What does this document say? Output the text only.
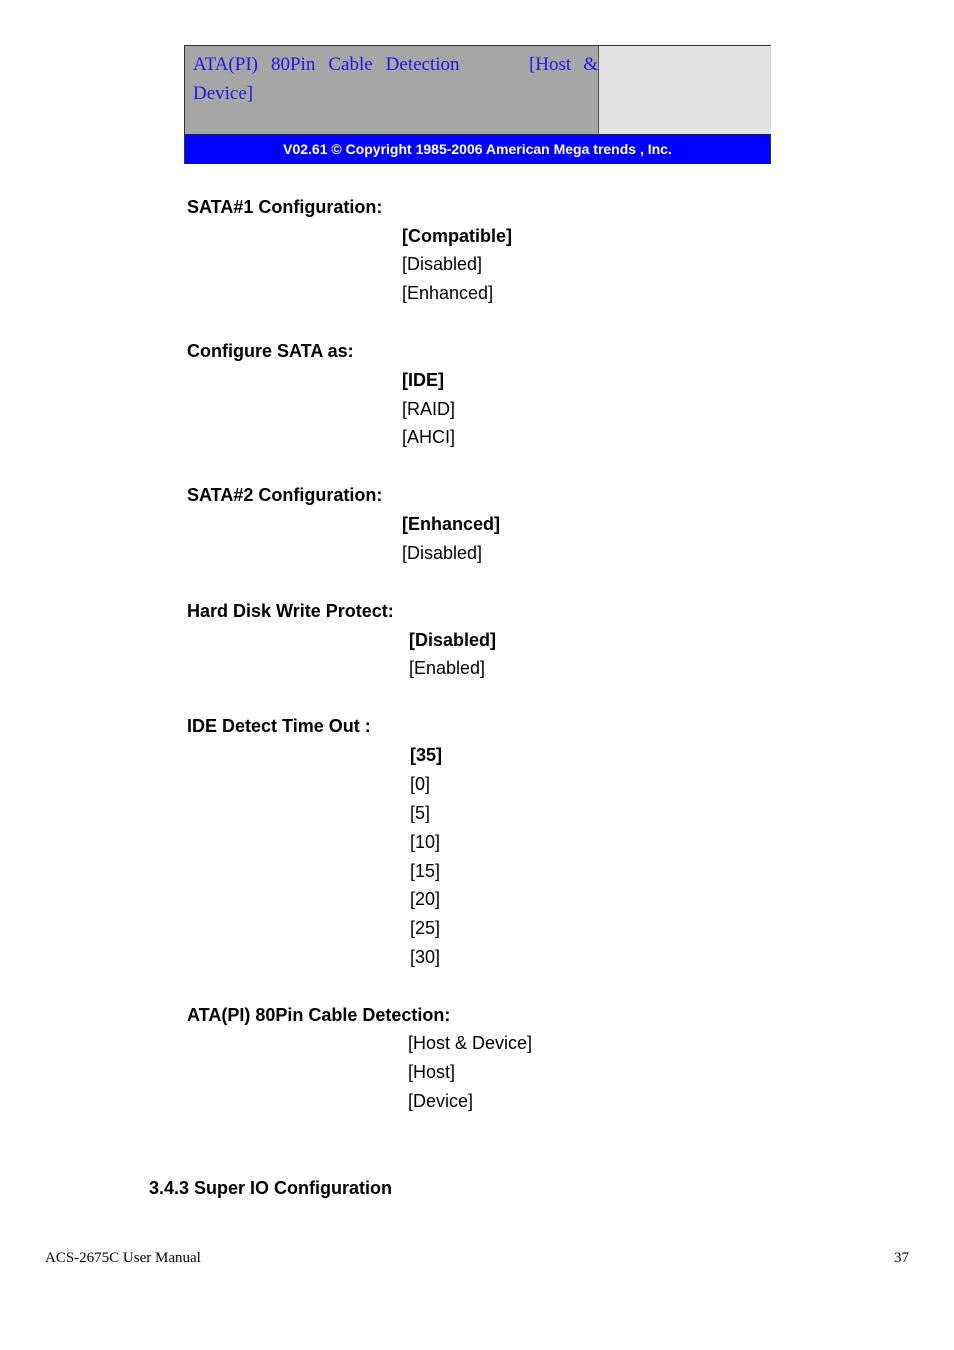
ATA(PI) 80Pin Cable Detection	[Host &
Device]
V02.61 © Copyright 1985-2006 American Mega trends , Inc.
SATA#1 Configuration:
[Compatible]
[Disabled]
[Enhanced]
Configure SATA as:
[IDE]
[RAID]
[AHCI]
SATA#2 Configuration:
[Enhanced]
[Disabled]
Hard Disk Write Protect:
[Disabled]
[Enabled]
IDE Detect Time Out :
[35]
[0]
[5]
[10]
[15]
[20]
[25]
[30]
ATA(PI) 80Pin Cable Detection:
[Host & Device]
[Host]
[Device]
3.4.3 Super IO Configuration
ACS-2675C User Manual	37
